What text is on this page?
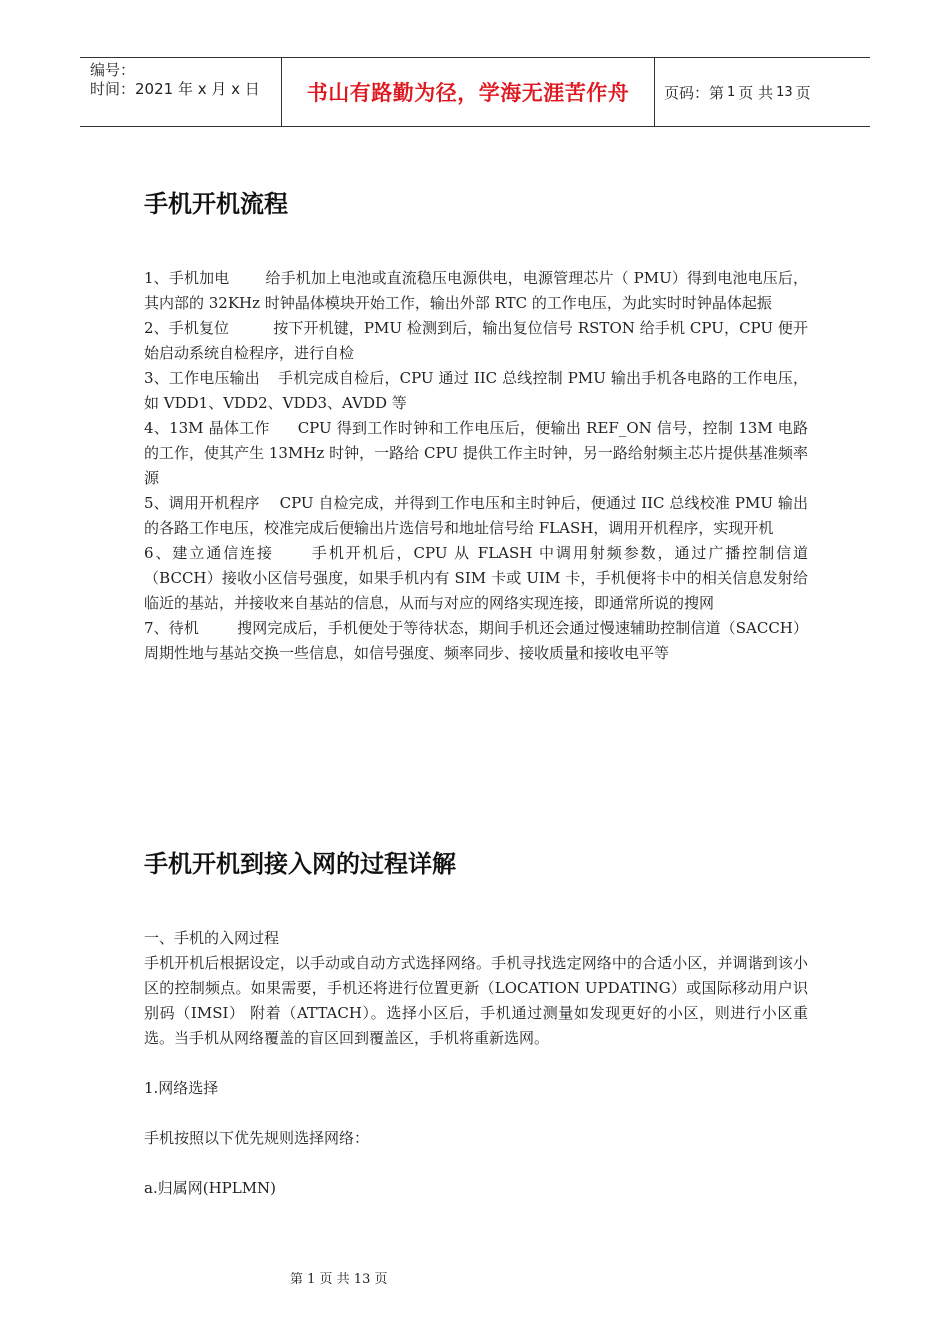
编号：
时间：2021 年 x 月 x 日	书山有路勤为径，学海无涯苦作舟	页码：第 1 页 共 13 页
手机开机流程

1、手机加电 给手机加上电池或直流稳压电源供电，电源管理芯片（ PMU）得到电池电压后，其内部的 32KHz 时钟晶体模块开始工作，输出外部 RTC 的工作电压，为此实时时钟晶体起振

2、手机复位	按下开机键，PMU 检测到后，输出复位信号 RSTON 给手机 CPU，CPU 便开始启动系统自检程序，进行自检

3、工作电压输出 手机完成自检后，CPU 通过 IIC 总线控制 PMU 输出手机各电路的工作电压，如 VDD1、VDD2、VDD3、AVDD 等

4、13M 晶体工作 CPU 得到工作时钟和工作电压后，便输出 REF_ON 信号，控制 13M 电路的工作，使其产生 13MHz 时钟，一路给 CPU 提供工作主时钟，另一路给射频主芯片提供基准频率源

5、调用开机程序 CPU 自检完成，并得到工作电压和主时钟后，便通过 IIC 总线校准 PMU 输出的各路工作电压，校准完成后便输出片选信号和地址信号给 FLASH，调用开机程序，实现开机

6、建立通信连接 手机开机后，CPU 从 FLASH 中调用射频参数，通过广播控制信道（BCCH）接收小区信号强度，如果手机内有 SIM 卡或 UIM 卡，手机便将卡中的相关信息发射给临近的基站，并接收来自基站的信息，从而与对应的网络实现连接，即通常所说的搜网

7、待机	搜网完成后，手机便处于等待状态，期间手机还会通过慢速辅助控制信道（SACCH）周期性地与基站交换一些信息，如信号强度、频率同步、接收质量和接收电平等

手机开机到接入网的过程详解

一、手机的入网过程

手机开机后根据设定，以手动或自动方式选择网络。手机寻找选定网络中的合适小区，并调谐到该小区的控制频点。如果需要，手机还将进行位置更新（LOCATION UPDATING）或国际移动用户识别码（IMSI） 附着（ATTACH）。选择小区后，手机通过测量如发现更好的小区，则进行小区重选。当手机从网络覆盖的盲区回到覆盖区，手机将重新选网。

1.网络选择

手机按照以下优先规则选择网络：

a.归属网(HPLMN)

第 1 页 共 13 页
